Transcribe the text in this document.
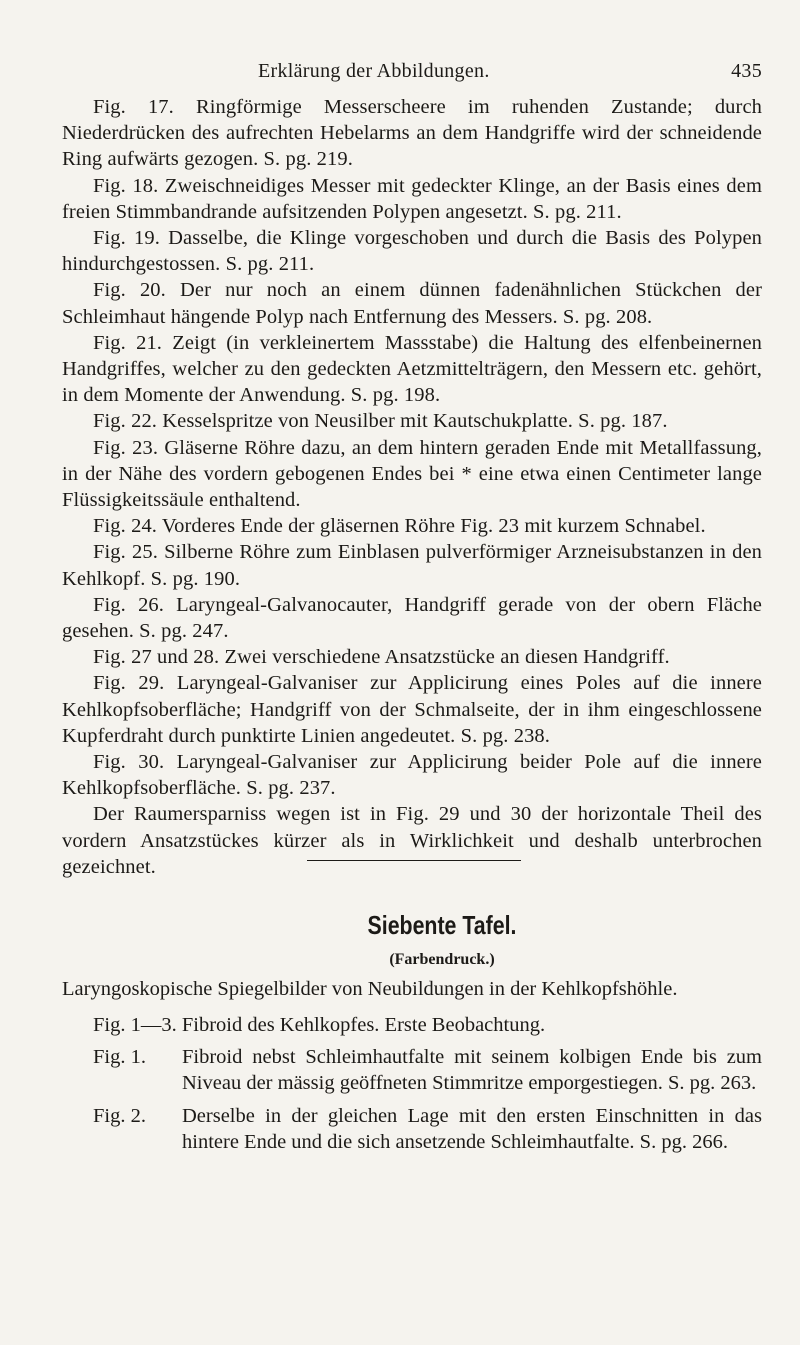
Erklärung der Abbildungen.	435

Fig. 17. Ringförmige Messerscheere im ruhenden Zustande; durch Niederdrücken des aufrechten Hebelarms an dem Handgriffe wird der schneidende Ring aufwärts gezogen. S. pg. 219.

Fig. 18. Zweischneidiges Messer mit gedeckter Klinge, an der Basis eines dem freien Stimmbandrande aufsitzenden Polypen angesetzt. S. pg. 211.

Fig. 19. Dasselbe, die Klinge vorgeschoben und durch die Basis des Polypen hindurchgestossen. S. pg. 211.

Fig. 20. Der nur noch an einem dünnen fadenähnlichen Stückchen der Schleimhaut hängende Polyp nach Entfernung des Messers. S. pg. 208.

Fig. 21. Zeigt (in verkleinertem Massstabe) die Haltung des elfenbeinernen Handgriffes, welcher zu den gedeckten Aetzmittelträgern, den Messern etc. gehört, in dem Momente der Anwendung. S. pg. 198.

Fig. 22. Kesselspritze von Neusilber mit Kautschukplatte. S. pg. 187.

Fig. 23. Gläserne Röhre dazu, an dem hintern geraden Ende mit Metallfassung, in der Nähe des vordern gebogenen Endes bei * eine etwa einen Centimeter lange Flüssigkeitssäule enthaltend.

Fig. 24. Vorderes Ende der gläsernen Röhre Fig. 23 mit kurzem Schnabel.

Fig. 25. Silberne Röhre zum Einblasen pulverförmiger Arzneisubstanzen in den Kehlkopf. S. pg. 190.

Fig. 26. Laryngeal-Galvanocauter, Handgriff gerade von der obern Fläche gesehen. S. pg. 247.

Fig. 27 und 28. Zwei verschiedene Ansatzstücke an diesen Handgriff.

Fig. 29. Laryngeal-Galvaniser zur Applicirung eines Poles auf die innere Kehlkopfsoberfläche; Handgriff von der Schmalseite, der in ihm eingeschlossene Kupferdraht durch punktirte Linien angedeutet. S. pg. 238.

Fig. 30. Laryngeal-Galvaniser zur Applicirung beider Pole auf die innere Kehlkopfsoberfläche. S. pg. 237.

Der Raumersparniss wegen ist in Fig. 29 und 30 der horizontale Theil des vordern Ansatzstückes kürzer als in Wirklichkeit und deshalb unterbrochen gezeichnet.

Siebente Tafel.
(Farbendruck.)
Laryngoskopische Spiegelbilder von Neubildungen in der Kehlkopfshöhle.
Fig. 1—3. Fibroid des Kehlkopfes. Erste Beobachtung.
Fig. 1. Fibroid nebst Schleimhautfalte mit seinem kolbigen Ende bis zum Niveau der mässig geöffneten Stimmritze emporgestiegen. S. pg. 263.
Fig. 2. Derselbe in der gleichen Lage mit den ersten Einschnitten in das hintere Ende und die sich ansetzende Schleimhautfalte. S. pg. 266.
